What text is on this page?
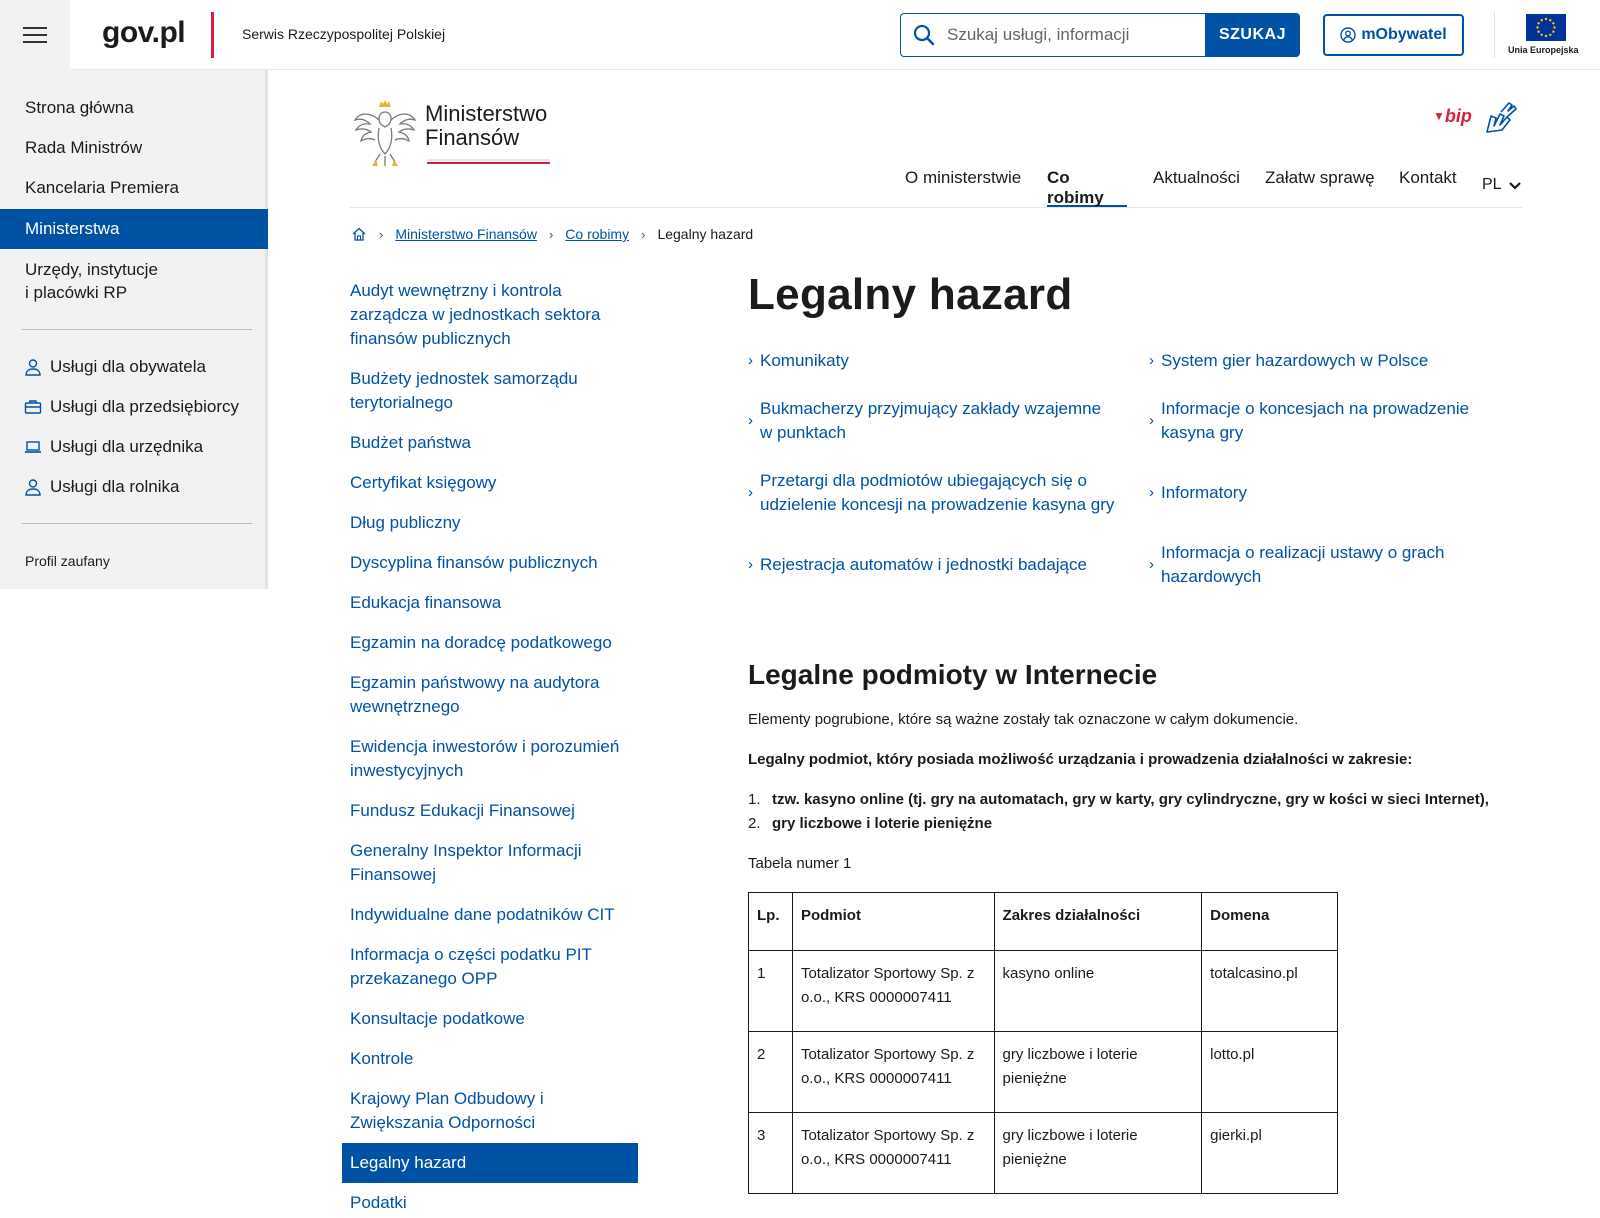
gov.pl	Serwis Rzeczypospolitej Polskiej
Szukaj usługi, informacji	SZUKAJ	mObywatel
Unia Europejska
Strona główna
Rada Ministrów
Kancelaria Premiera
Ministerstwa
Urzędy, instytucje
i placówki RP
Usługi dla obywatela
Usługi dla przedsiębiorcy
Usługi dla urzędnika
Usługi dla rolnika
Profil zaufany
Ministerstwo
Finansów
▼bip
O ministerstwie Co robimy
Aktualności Załatw sprawę Kontakt PL
› Ministerstwo Finansów › Co robimy › Legalny hazard
Audyt wewnętrzny i kontrola zarządcza w jednostkach sektora finansów publicznych
Budżety jednostek samorządu terytorialnego
Budżet państwa
Certyfikat księgowy
Dług publiczny
Dyscyplina finansów publicznych
Edukacja finansowa
Egzamin na doradcę podatkowego
Egzamin państwowy na audytora wewnętrznego
Ewidencja inwestorów i porozumień inwestycyjnych
Fundusz Edukacji Finansowej
Generalny Inspektor Informacji Finansowej
Indywidualne dane podatników CIT
Informacja o części podatku PIT przekazanego OPP
Konsultacje podatkowe
Kontrole
Krajowy Plan Odbudowy i Zwiększania Odporności
Legalny hazard
Podatki
Legalny hazard
› Komunikaty	› System gier hazardowych w Polsce
›
Bukmacherzy przyjmujący zakłady wzajemne w punktach
›
Informacje o koncesjach na prowadzenie kasyna gry
›
Przetargi dla podmiotów ubiegających się o udzielenie koncesji na prowadzenie kasyna gry
› Informatory
› Rejestracja automatów i jednostki badające	›
Informacja o realizacji ustawy o grach hazardowych
Legalne podmioty w Internecie
Elementy pogrubione, które są ważne zostały tak oznaczone w całym dokumencie.
Legalny podmiot, który posiada możliwość urządzania i prowadzenia działalności w zakresie:
1. tzw. kasyno online (tj. gry na automatach, gry w karty, gry cylindryczne, gry w kości w sieci Internet),
2. gry liczbowe i loterie pieniężne
Tabela numer 1
Lp.	Podmiot	Zakres działalności	Domena
1	Totalizator Sportowy Sp. z o.o., KRS 0000007411	kasyno online	totalcasino.pl
2	Totalizator Sportowy Sp. z o.o., KRS 0000007411	gry liczbowe i loterie pieniężne	lotto.pl
3	Totalizator Sportowy Sp. z o.o., KRS 0000007411	gry liczbowe i loterie pieniężne	gierki.pl
